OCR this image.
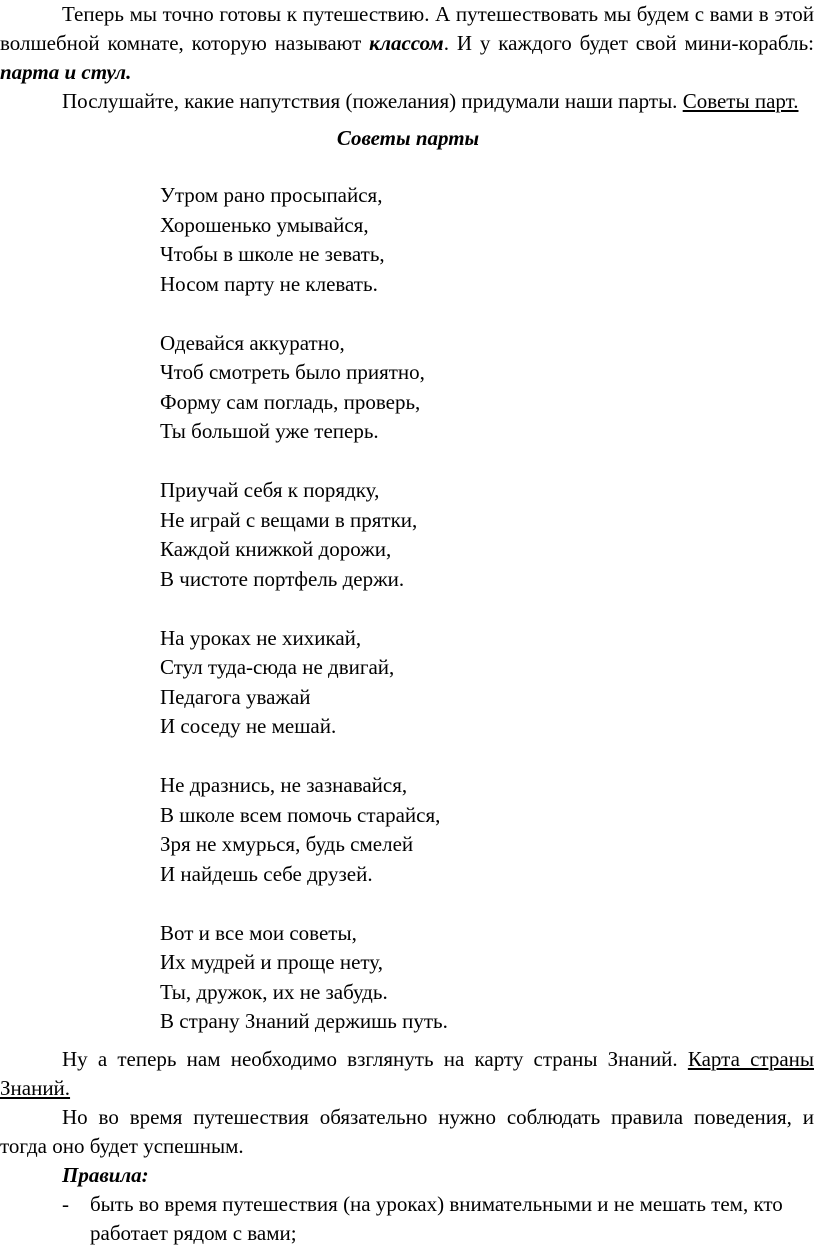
Теперь мы точно готовы к путешествию. А путешествовать мы будем с вами в этой волшебной комнате, которую называют классом. И у каждого будет свой мини-корабль: парта и стул.

Послушайте, какие напутствия (пожелания) придумали наши парты. Советы парт.

Советы парты

Утром рано просыпайся,
Хорошенько умывайся,
Чтобы в школе не зевать,
Носом парту не клевать.
Одевайся аккуратно,
Чтоб смотреть было приятно,
Форму сам погладь, проверь,
Ты большой уже теперь.
Приучай себя к порядку,
Не играй с вещами в прятки,
Каждой книжкой дорожи,
В чистоте портфель держи.
На уроках не хихикай,
Стул туда-сюда не двигай,
Педагога уважай
И соседу не мешай.
Не дразнись, не зазнавайся,
В школе всем помочь старайся,
Зря не хмурься, будь смелей
И найдешь себе друзей.
Вот и все мои советы,
Их мудрей и проще нету,
Ты, дружок, их не забудь.
В страну Знаний держишь путь.

Ну а теперь нам необходимо взглянуть на карту страны Знаний. Карта страны Знаний.

Но во время путешествия обязательно нужно соблюдать правила поведения, и тогда оно будет успешным.

Правила:

- быть во время путешествия (на уроках) внимательными и не мешать тем, кто работает рядом с вами;
